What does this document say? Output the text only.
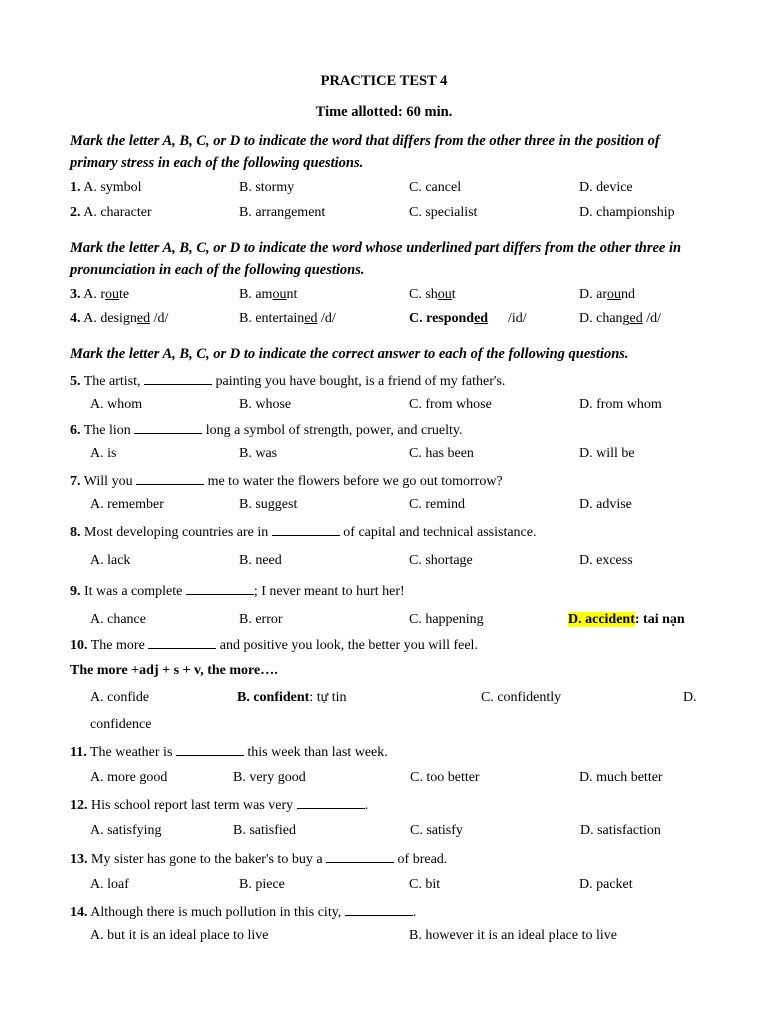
PRACTICE TEST 4
Time allotted: 60 min.
Mark the letter A, B, C, or D to indicate the word that differs from the other three in the position of primary stress in each of the following questions.
1. A. symbol	B. stormy	C. cancel	D. device
2. A. character	B. arrangement	C. specialist	D. championship
Mark the letter A, B, C, or D to indicate the word whose underlined part differs from the other three in pronunciation in each of the following questions.
3. A. route	B. amount	C. shout	D. around
4. A. designed /d/	B. entertained /d/	C. responded /id/	D. changed /d/
Mark the letter A, B, C, or D to indicate the correct answer to each of the following questions.
5. The artist,	painting you have bought, is a friend of my father's.
A. whom	B. whose	C. from whose	D. from whom
6. The lion	long a symbol of strength, power, and cruelty.
A. is	B. was	C. has been	D. will be
7. Will you	me to water the flowers before we go out tomorrow?
A. remember	B. suggest	C. remind	D. advise
8. Most developing countries are in	of capital and technical assistance.
A. lack	B. need	C. shortage	D. excess
9. It was a complete	; I never meant to hurt her!
A. chance	B. error	C. happening	D. accident: tai nạn
10. The more	and positive you look, the better you will feel.
The more +adj + s + v, the more….
A. confide	B. confident: tự tin	C. confidently	D.
confidence
11. The weather is	this week than last week.
A. more good	B. very good	C. too better	D. much better
12. His school report last term was very	.
A. satisfying	B. satisfied	C. satisfy	D. satisfaction
13. My sister has gone to the baker's to buy a	of bread.
A. loaf	B. piece	C. bit	D. packet
14. Although there is much pollution in this city,	.
A. but it is an ideal place to live	B. however it is an ideal place to live
